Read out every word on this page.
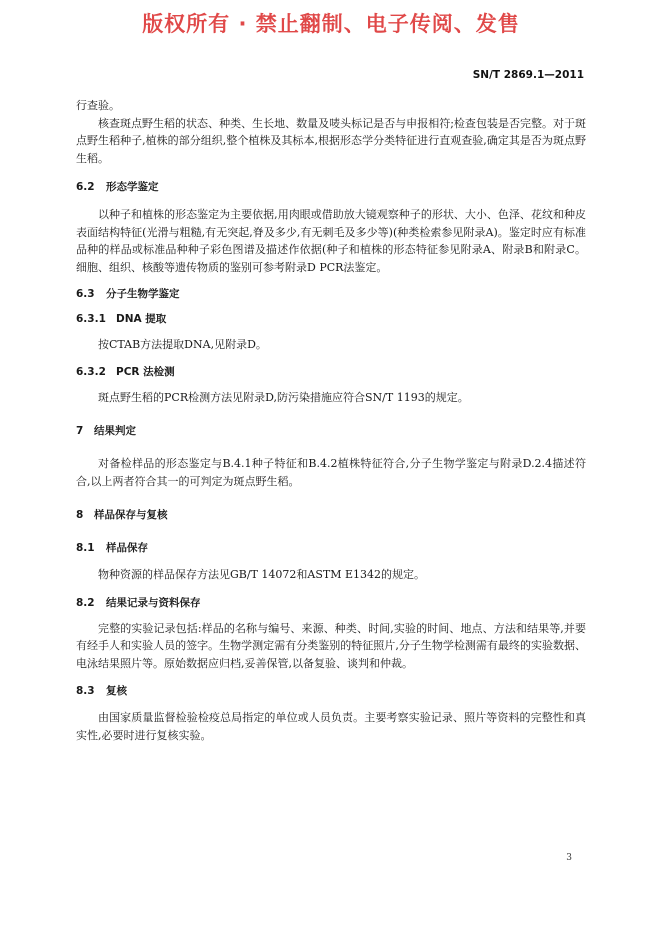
版权所有 · 禁止翻制、电子传阅、发售
SN/T 2869.1—2011

行查验。

核查斑点野生稻的状态、种类、生长地、数量及唛头标记是否与申报相符;检查包装是否完整。对于斑点野生稻种子,植株的部分组织,整个植株及其标本,根据形态学分类特征进行直观查验,确定其是否为斑点野生稻。

6.2 形态学鉴定

以种子和植株的形态鉴定为主要依据,用肉眼或借助放大镜观察种子的形状、大小、色泽、花纹和种皮表面结构特征(光滑与粗糙,有无突起,脊及多少,有无刺毛及多少等)(种类检索参见附录A)。鉴定时应有标准品种的样品或标准品种种子彩色图谱及描述作依据(种子和植株的形态特征参见附录A、附录B和附录C。细胞、组织、核酸等遗传物质的鉴别可参考附录D PCR法鉴定。

6.3 分子生物学鉴定

6.3.1 DNA 提取

按CTAB方法提取DNA,见附录D。

6.3.2 PCR 法检测

斑点野生稻的PCR检测方法见附录D,防污染措施应符合SN/T 1193的规定。

7 结果判定

对备检样品的形态鉴定与B.4.1种子特征和B.4.2植株特征符合,分子生物学鉴定与附录D.2.4描述符合,以上两者符合其一的可判定为斑点野生稻。

8 样品保存与复核

8.1 样品保存

物种资源的样品保存方法见GB/T 14072和ASTM E1342的规定。

8.2 结果记录与资料保存

完整的实验记录包括:样品的名称与编号、来源、种类、时间,实验的时间、地点、方法和结果等,并要有经手人和实验人员的签字。生物学测定需有分类鉴别的特征照片,分子生物学检测需有最终的实验数据、电泳结果照片等。原始数据应归档,妥善保管,以备复验、谈判和仲裁。

8.3 复核

由国家质量监督检验检疫总局指定的单位或人员负责。主要考察实验记录、照片等资料的完整性和真实性,必要时进行复核实验。

3
